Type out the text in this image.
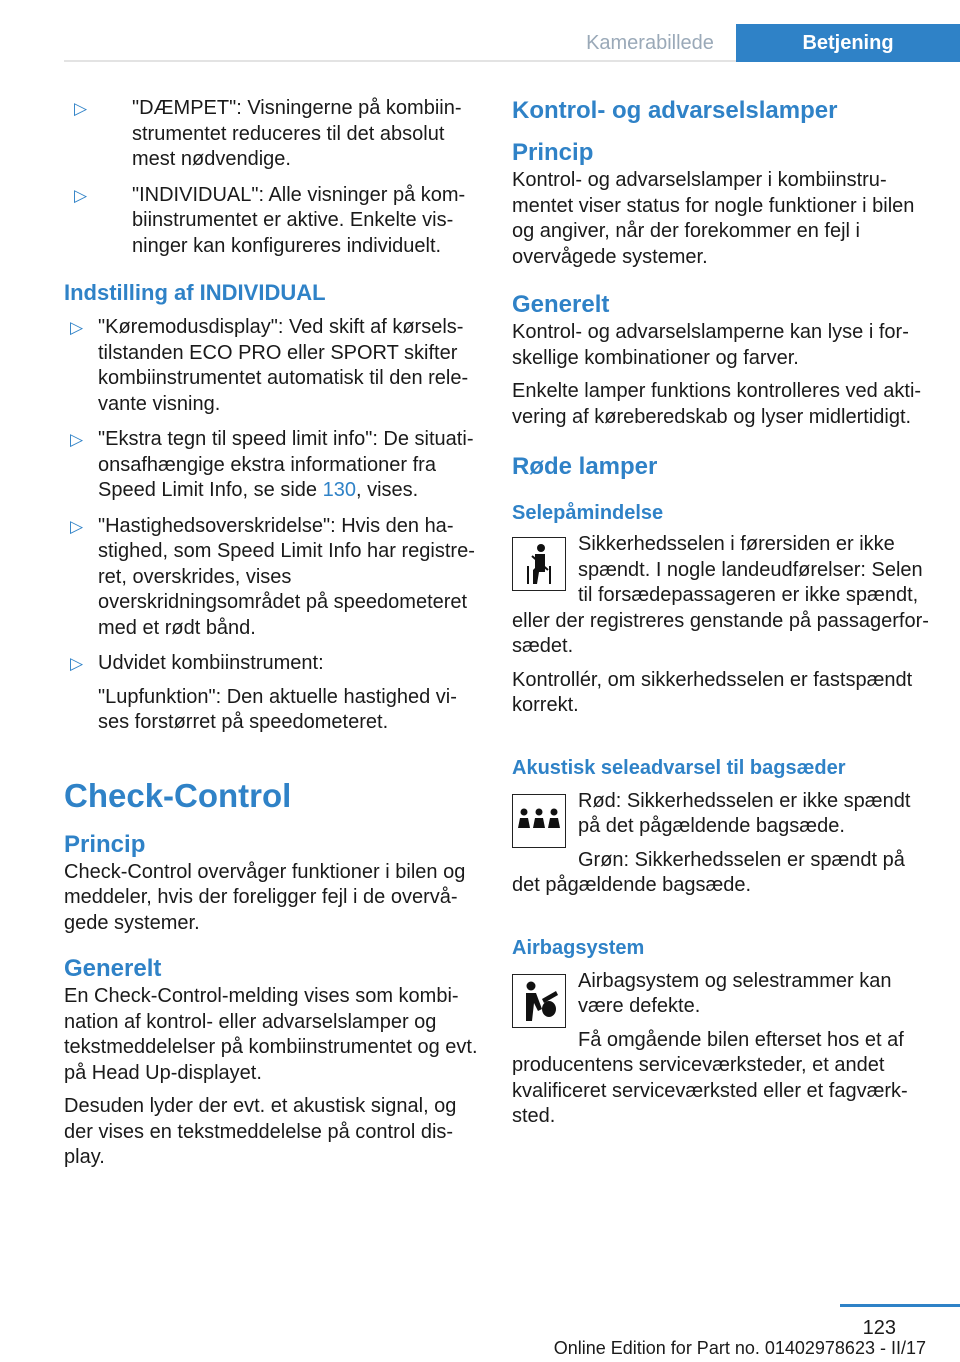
Kamerabillede	Betjening
▷ "DÆMPET": Visningerne på kombiinstrumentet reduceres til det absolut mest nødvendige.
▷ "INDIVIDUAL": Alle visninger på kombiinstrumentet er aktive. Enkelte visninger kan konfigureres individuelt.
Indstilling af INDIVIDUAL
▷ "Køremodusdisplay": Ved skift af kørselstilstanden ECO PRO eller SPORT skifter kombiinstrumentet automatisk til den relevante visning.
▷ "Ekstra tegn til speed limit info": De situationsafhængige ekstra informationer fra Speed Limit Info, se side 130, vises.
▷ "Hastighedsoverskridelse": Hvis den hastighed, som Speed Limit Info har registreret, overskrides, vises overskridningsområdet på speedometeret med et rødt bånd.
▷ Udvidet kombiinstrument:
"Lupfunktion": Den aktuelle hastighed vises forstørret på speedometeret.
Check-Control
Princip

Check-Control overvåger funktioner i bilen og meddeler, hvis der foreligger fejl i de overvågede systemer.

Generelt

En Check-Control-melding vises som kombination af kontrol- eller advarselslamper og tekstmeddelelser på kombiinstrumentet og evt. på Head Up-displayet.

Desuden lyder der evt. et akustisk signal, og der vises en tekstmeddelelse på control display.

Kontrol- og advarselslamper
Princip

Kontrol- og advarselslamper i kombiinstrumentet viser status for nogle funktioner i bilen og angiver, når der forekommer en fejl i overvågede systemer.

Generelt

Kontrol- og advarselslamperne kan lyse i forskellige kombinationer og farver.

Enkelte lamper funktions kontrolleres ved aktivering af køreberedskab og lyser midlertidigt.

Røde lamper
Selepåmindelse

Sikkerhedsselen i førersiden er ikke spændt. I nogle landeudførelser: Selen til forsædepassageren er ikke spændt, eller der registreres genstande på passagerforsædet.

Kontrollér, om sikkerhedsselen er fastspændt korrekt.

Akustisk seleadvarsel til bagsæder

Rød: Sikkerhedsselen er ikke spændt på det pågældende bagsæde.

Grøn: Sikkerhedsselen er spændt på det pågældende bagsæde.

Airbagsystem

Airbagsystem og selestrammer kan være defekte.

Få omgående bilen efterset hos et af producentens serviceværksteder, et andet kvalificeret serviceværksted eller et fagværksted.

123
Online Edition for Part no. 01402978623 - II/17
